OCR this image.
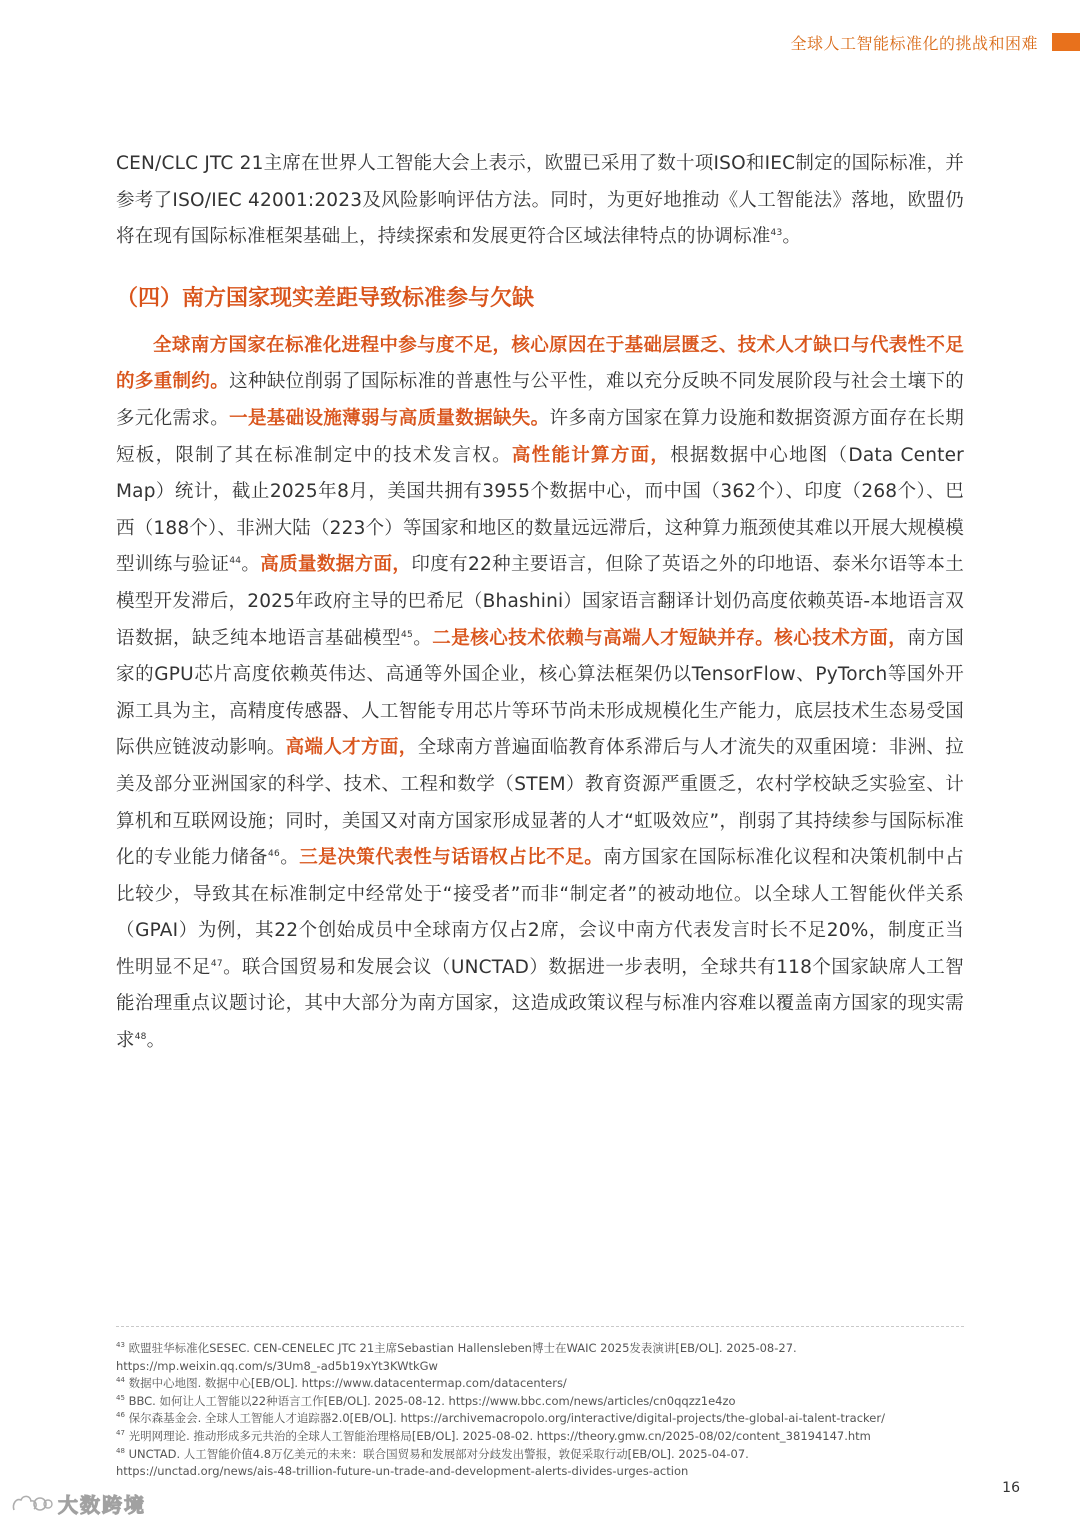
全球人工智能标准化的挑战和困难

CEN/CLC JTC 21主席在世界人工智能大会上表示，欧盟已采用了数十项ISO和IEC制定的国际标准，并参考了ISO/IEC 42001:2023及风险影响评估方法。同时，为更好地推动《人工智能法》落地，欧盟仍将在现有国际标准框架基础上，持续探索和发展更符合区域法律特点的协调标准$^{43}$。

（四）南方国家现实差距导致标准参与欠缺

全球南方国家在标准化进程中参与度不足，核心原因在于基础层匮乏、技术人才缺口与代表性不足的多重制约。这种缺位削弱了国际标准的普惠性与公平性，难以充分反映不同发展阶段与社会土壤下的多元化需求。一是基础设施薄弱与高质量数据缺失。许多南方国家在算力设施和数据资源方面存在长期短板，限制了其在标准制定中的技术发言权。高性能计算方面，根据数据中心地图（Data Center Map）统计，截止2025年8月，美国共拥有3955个数据中心，而中国（362个）、印度（268个）、巴西（188个）、非洲大陆（223个）等国家和地区的数量远远滞后，这种算力瓶颈使其难以开展大规模模型训练与验证$^{44}$。高质量数据方面，印度有22种主要语言，但除了英语之外的印地语、泰米尔语等本土模型开发滞后，2025年政府主导的巴希尼（Bhashini）国家语言翻译计划仍高度依赖英语-本地语言双语数据，缺乏纯本地语言基础模型$^{45}$。二是核心技术依赖与高端人才短缺并存。核心技术方面，南方国家的GPU芯片高度依赖英伟达、高通等外国企业，核心算法框架仍以TensorFlow、PyTorch等国外开源工具为主，高精度传感器、人工智能专用芯片等环节尚未形成规模化生产能力，底层技术生态易受国际供应链波动影响。高端人才方面，全球南方普遍面临教育体系滞后与人才流失的双重困境：非洲、拉美及部分亚洲国家的科学、技术、工程和数学（STEM）教育资源严重匮乏，农村学校缺乏实验室、计算机和互联网设施；同时，美国又对南方国家形成显著的人才“虹吸效应”，削弱了其持续参与国际标准化的专业能力储备$^{46}$。三是决策代表性与话语权占比不足。南方国家在国际标准化议程和决策机制中占比较少，导致其在标准制定中经常处于“接受者”而非“制定者”的被动地位。以全球人工智能伙伴关系（GPAI）为例，其22个创始成员中全球南方仅占2席，会议中南方代表发言时长不足20%，制度正当性明显不足$^{47}$。联合国贸易和发展会议（UNCTAD）数据进一步表明，全球共有118个国家缺席人工智能治理重点议题讨论，其中大部分为南方国家，这造成政策议程与标准内容难以覆盖南方国家的现实需求$^{48}$。

$^{43}$ 欧盟驻华标准化SESEC. CEN-CENELEC JTC 21主席Sebastian Hallensleben博士在WAIC 2025发表演讲[EB/OL]. 2025-08-27.
https://mp.weixin.qq.com/s/3Um8_-ad5b19xYt3KWtkGw
$^{44}$ 数据中心地图. 数据中心[EB/OL]. https://www.datacentermap.com/datacenters/
$^{45}$ BBC. 如何让人工智能以22种语言工作[EB/OL]. 2025-08-12. https://www.bbc.com/news/articles/cn0qqzz1e4zo
$^{46}$ 保尔森基金会. 全球人工智能人才追踪器2.0[EB/OL]. https://archivemacropolo.org/interactive/digital-projects/the-global-ai-talent-tracker/
$^{47}$ 光明网理论. 推动形成多元共治的全球人工智能治理格局[EB/OL]. 2025-08-02. https://theory.gmw.cn/2025-08/02/content_38194147.htm
$^{48}$ UNCTAD. 人工智能价值4.8万亿美元的未来：联合国贸易和发展部对分歧发出警报，敦促采取行动[EB/OL]. 2025-04-07.
https://unctad.org/news/ais-48-trillion-future-un-trade-and-development-alerts-divides-urges-action
16
大数跨境
